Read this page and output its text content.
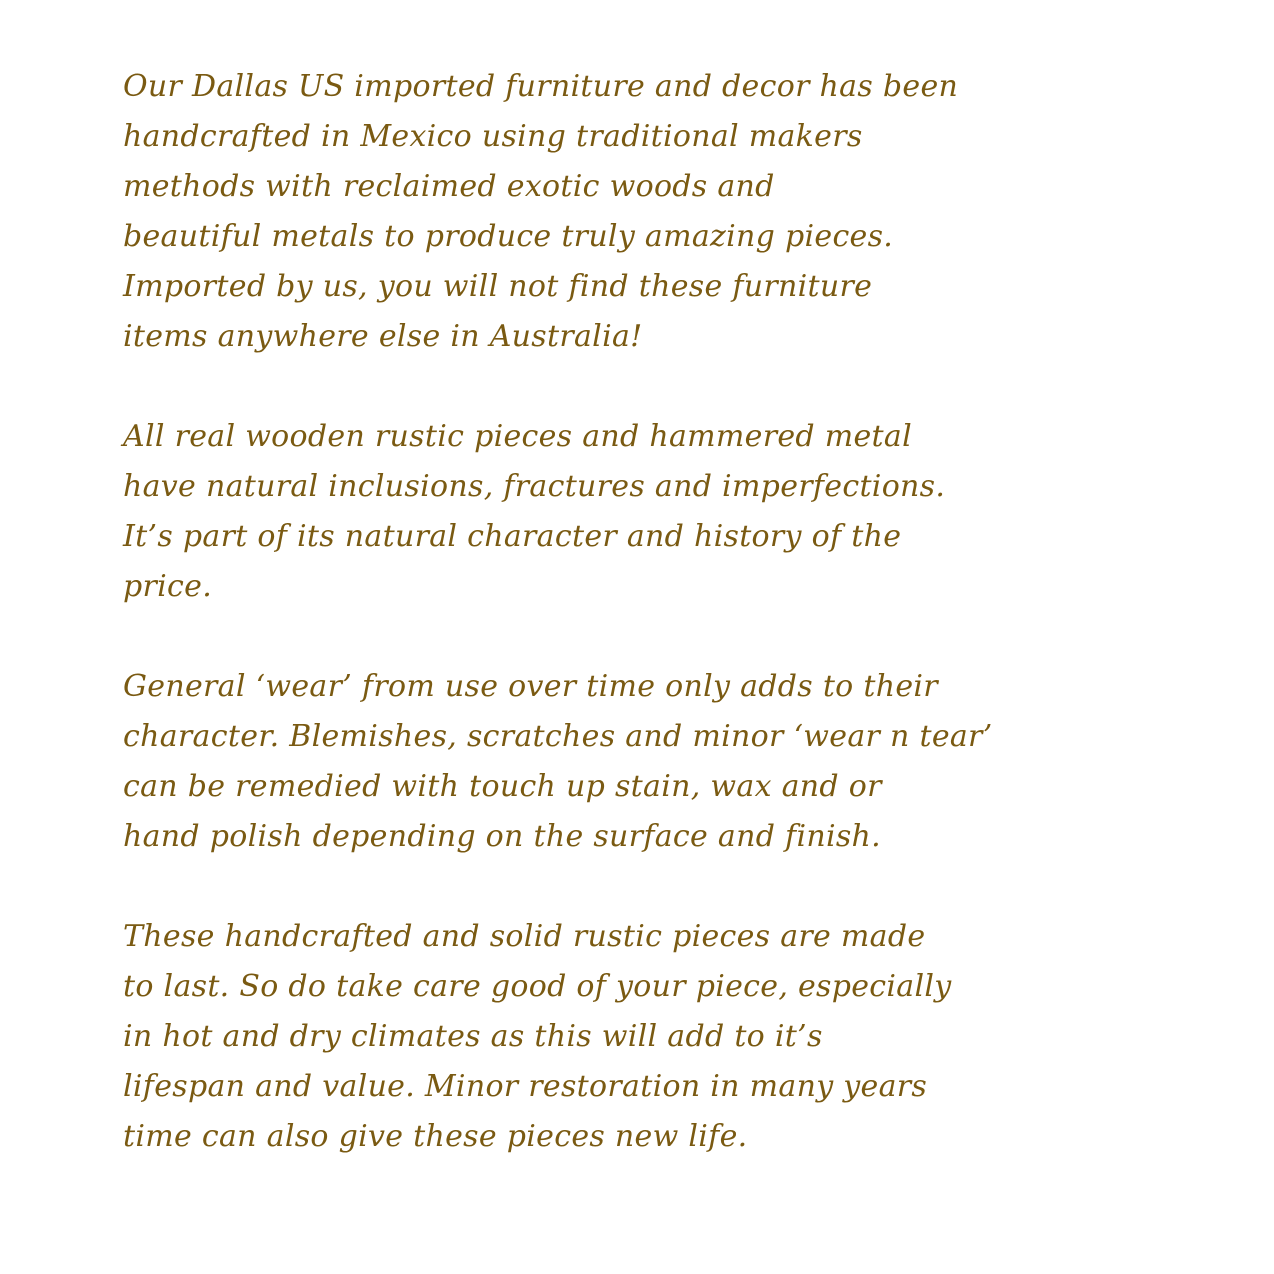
Our Dallas US imported furniture and decor has been
handcrafted in Mexico using traditional makers
methods with reclaimed exotic woods and
beautiful metals to produce truly amazing pieces.
Imported by us, you will not find these furniture
items anywhere else in Australia!
All real wooden rustic pieces and hammered metal
have natural inclusions, fractures and imperfections.
It’s part of its natural character and history of the
price.
General ‘wear’ from use over time only adds to their
character. Blemishes, scratches and minor ‘wear n tear’
can be remedied with touch up stain, wax and or
hand polish depending on the surface and finish.
These handcrafted and solid rustic pieces are made
to last. So do take care good of your piece, especially
in hot and dry climates as this will add to it’s
lifespan and value. Minor restoration in many years
time can also give these pieces new life.
